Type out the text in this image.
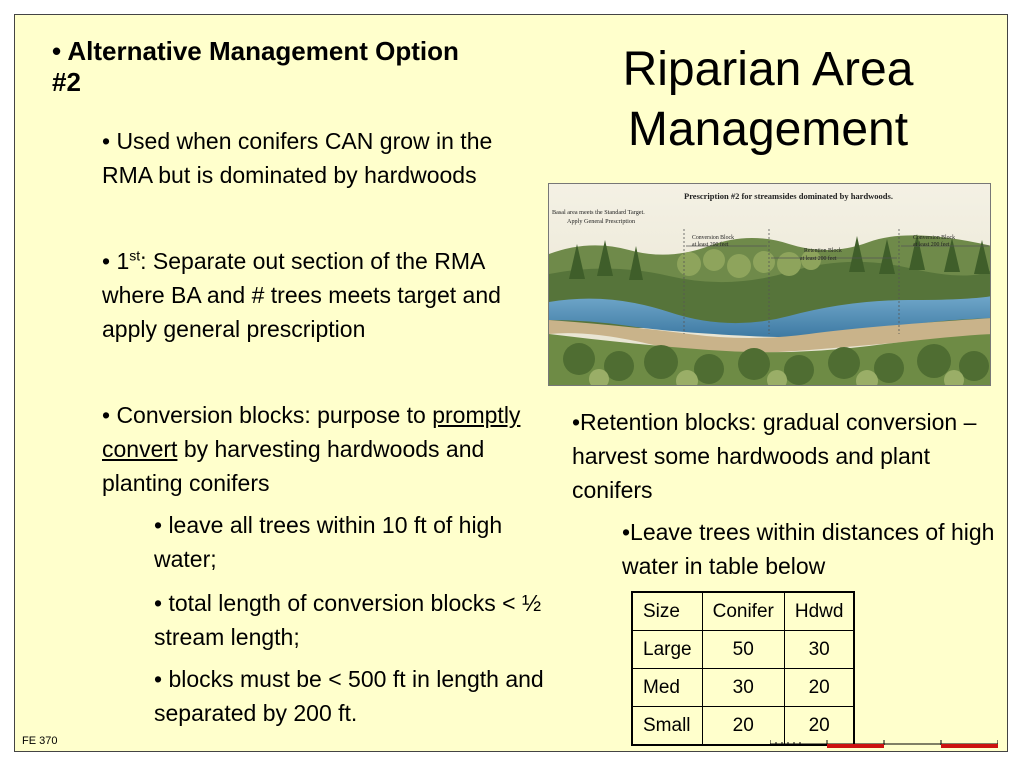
• Alternative Management Option #2	Riparian Area Management
• Used when conifers CAN grow in the RMA but is dominated by hardwoods
• 1st: Separate out section of the RMA where BA and # trees meets target and apply general prescription
• Conversion blocks: purpose to promptly convert by harvesting hardwoods and planting conifers
• leave all trees within 10 ft of high water;
• total length of conversion blocks < ½ stream length;
• blocks must be < 500 ft in length and separated by 200 ft.
Prescription #2 for streamsides dominated by hardwoods.
Basal area meets the Standard Target.
Apply General Prescription
Conversion Block
at least 200 feet
Retention Block
at least 200 feet
Conversion Block
at least 200 feet
•Retention blocks: gradual conversion – harvest some hardwoods and plant conifers
•Leave trees within distances of high water in table below
Size	Conifer	Hdwd
Large	50	30
Med	30	20
Small	20	20
FE 370
